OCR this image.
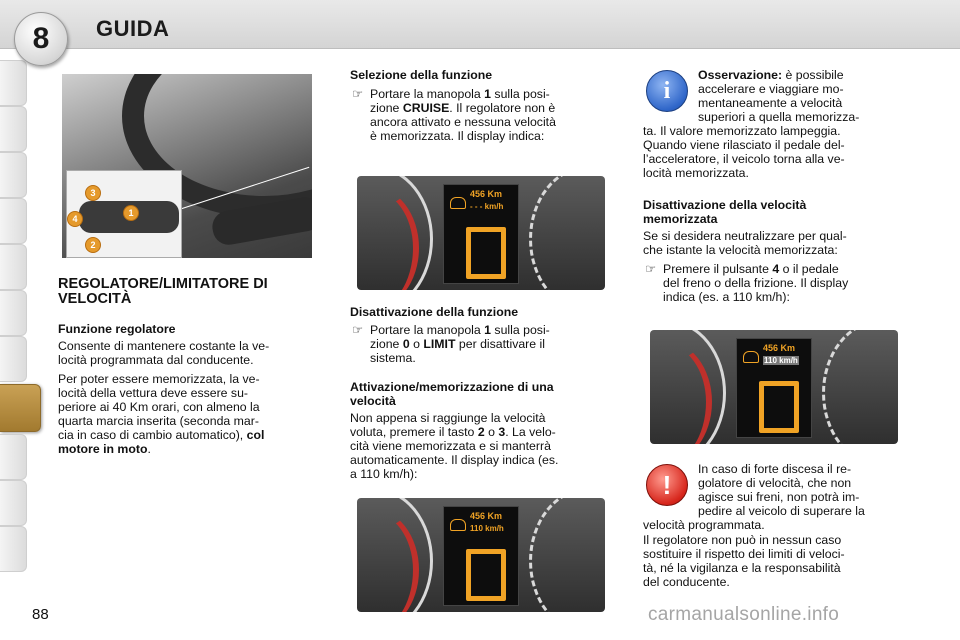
8 GUIDA
3
1
4
2
REGOLATORE/LIMITATORE DI
VELOCITÀ
Funzione regolatore
Consente di mantenere costante la ve-
locità programmata dal conducente.
Per poter essere memorizzata, la ve-
locità della vettura deve essere su-
periore ai 40 Km orari, con almeno la
quarta marcia inserita (seconda mar-
cia in caso di cambio automatico), col
motore in moto.
Selezione della funzione
☞ Portare la manopola 1 sulla posi-
zione CRUISE. Il regolatore non è
ancora attivato e nessuna velocità
è memorizzata. Il display indica:
456 Km
- - - km/h
Disattivazione della funzione
☞ Portare la manopola 1 sulla posi-
zione 0 o LIMIT per disattivare il
sistema.
Attivazione/memorizzazione di una
velocità
Non appena si raggiunge la velocità
voluta, premere il tasto 2 o 3. La velo-
cità viene memorizzata e si manterrà
automaticamente. Il display indica (es.
a 110 km/h):
456 Km
110 km/h
i
Osservazione: è possibile
accelerare e viaggiare mo-
mentaneamente a velocità
superiori a quella memorizza-
ta. Il valore memorizzato lampeggia.
Quando viene rilasciato il pedale del-
l’acceleratore, il veicolo torna alla ve-
locità memorizzata.
Disattivazione della velocità
memorizzata
Se si desidera neutralizzare per qual-
che istante la velocità memorizzata:
☞ Premere il pulsante 4 o il pedale
del freno o della frizione. Il display
indica (es. a 110 km/h):
456 Km
110 km/h
!
In caso di forte discesa il re-
golatore di velocità, che non
agisce sui freni, non potrà im-
pedire al veicolo di superare la
velocità programmata.
Il regolatore non può in nessun caso
sostituire il rispetto dei limiti di veloci-
tà, né la vigilanza e la responsabilità
del conducente.
88	carmanualsonline.info
